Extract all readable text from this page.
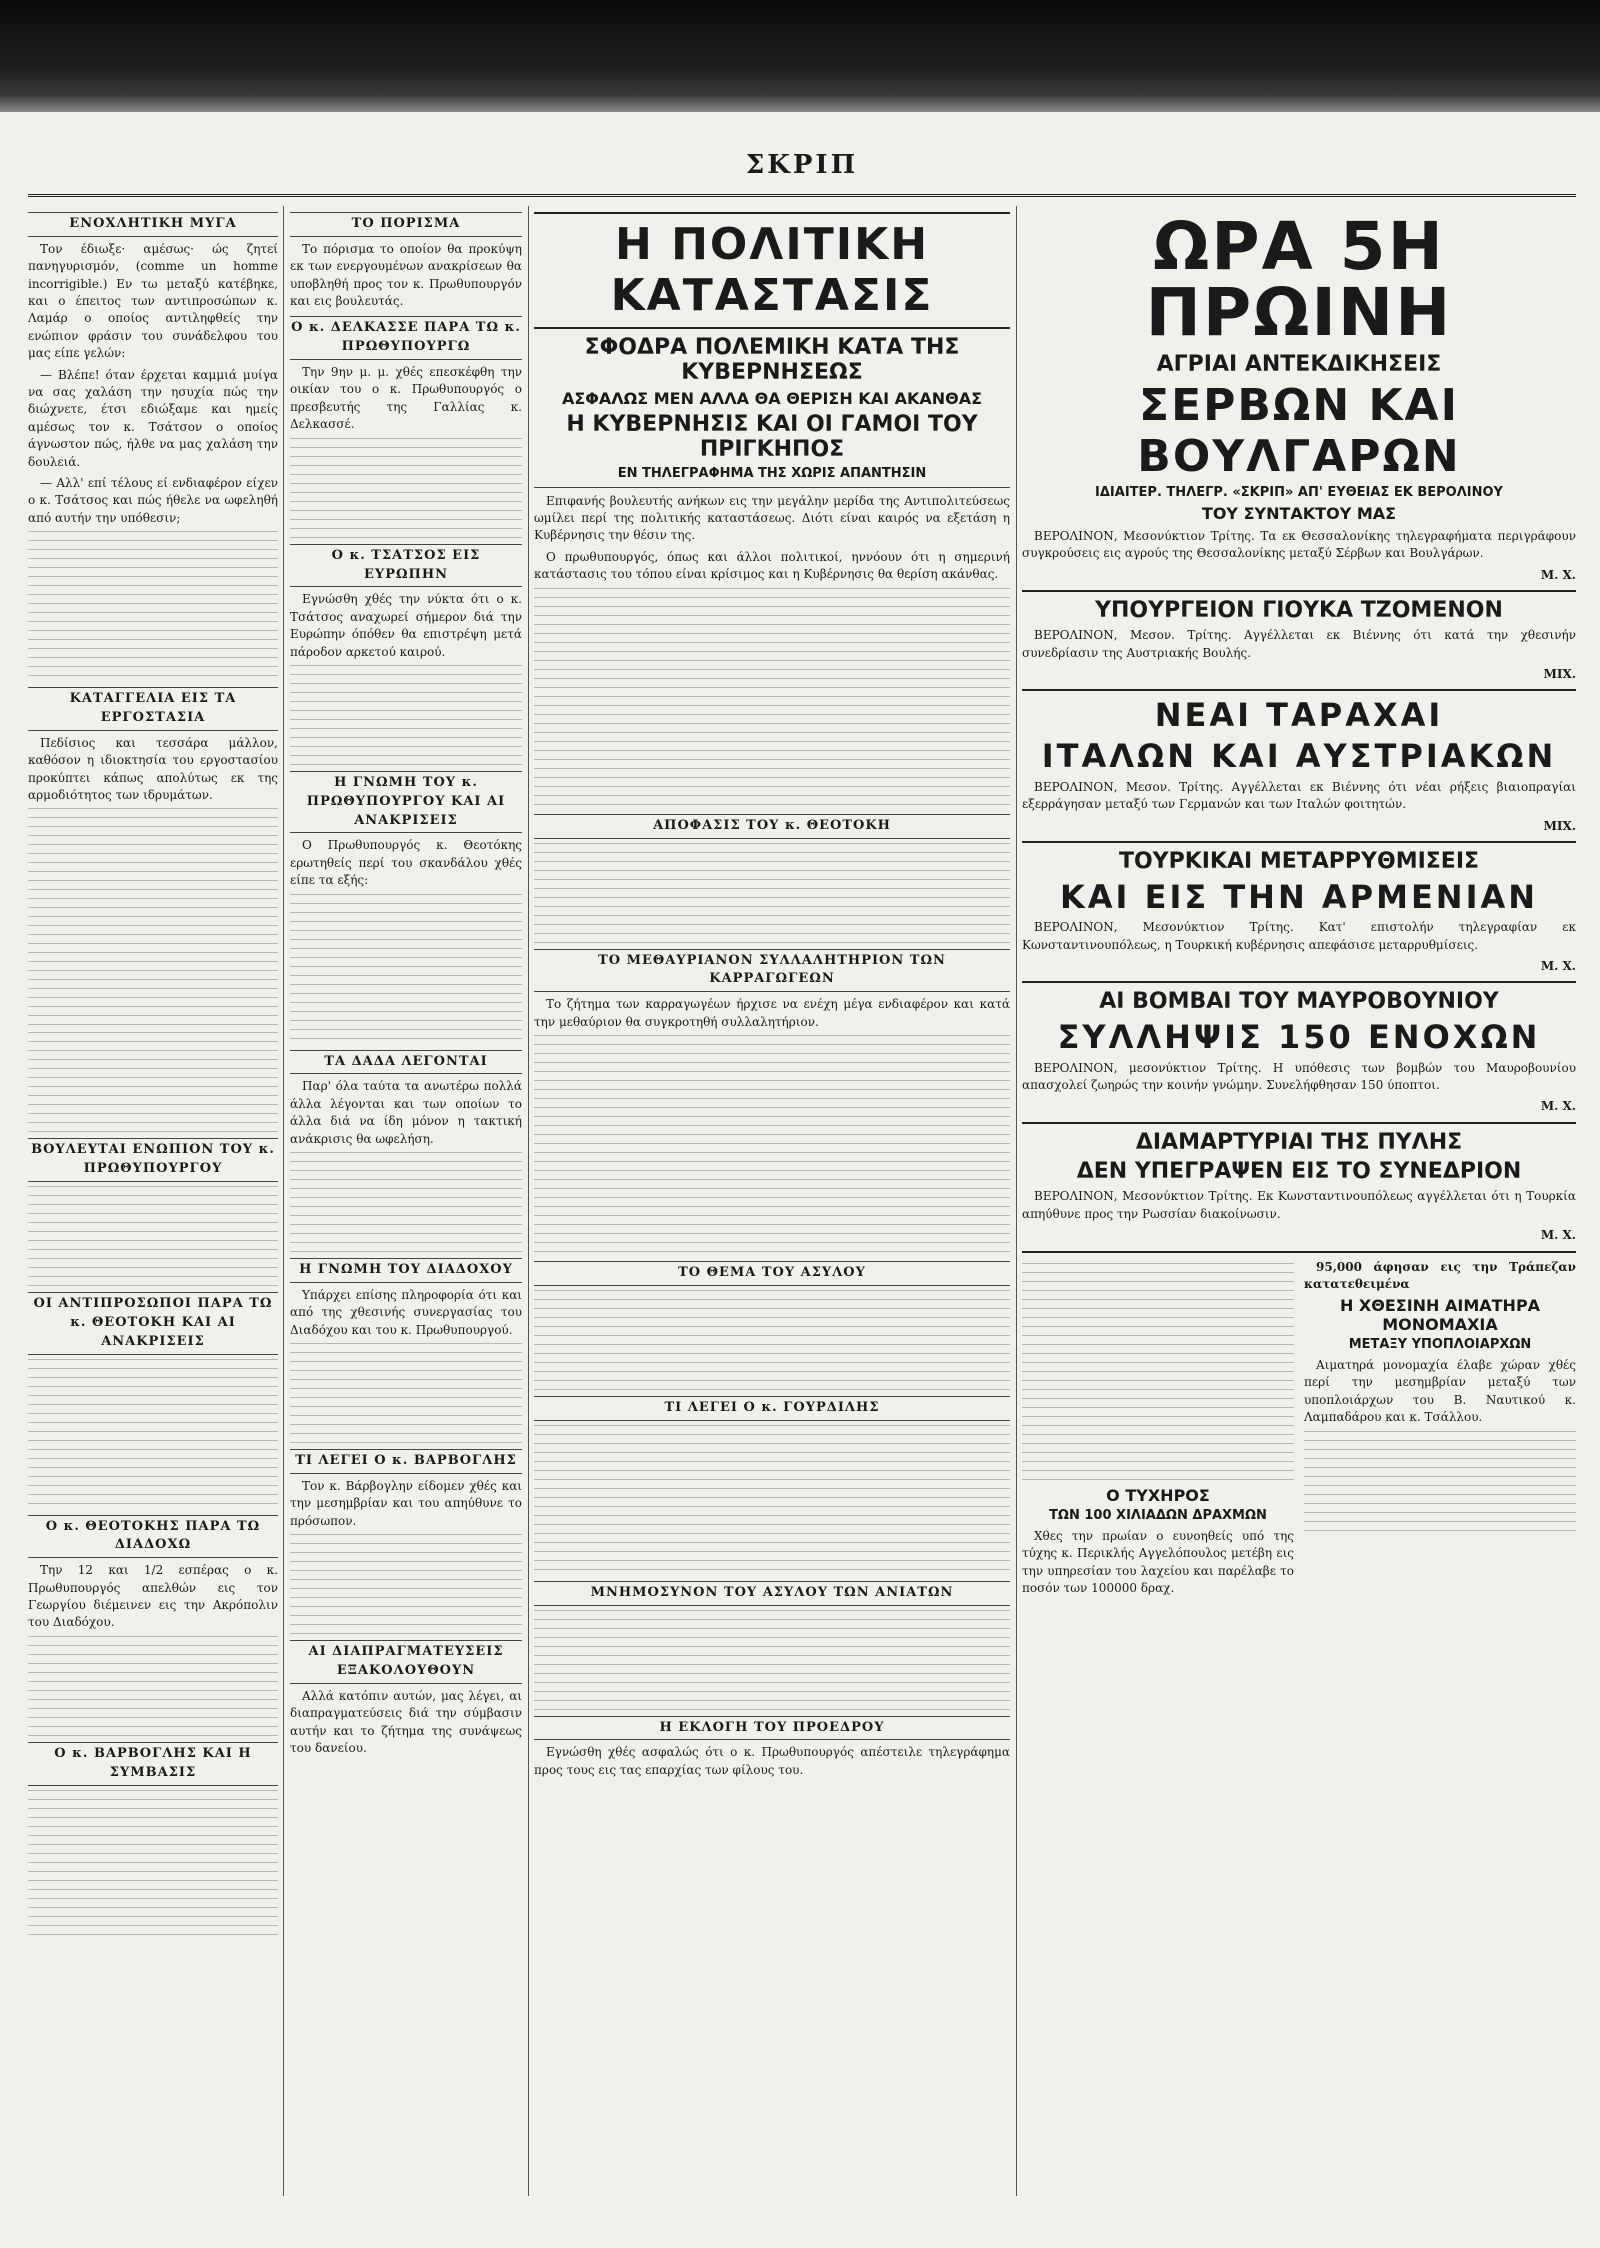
ΣΚΡΙΠ
ΕΝΟΧΛΗΤΙΚΗ ΜΥΓΑ

Τον έδιωξε· αμέσως· ώς ζητεί πανηγυρισμόν, (comme un homme incorrigible.) Εν τω μεταξύ κατέβηκε, και ο έπειτος των αντιπροσώπων κ. Λαμάρ ο οποίος αντιληφθείς την ενώπιον φράσιν του συνάδελφου του μας είπε γελών:

— Βλέπε! όταν έρχεται καμμιά μυίγα να σας χαλάση την ησυχία πώς την διώχνετε, έτσι εδιώξαμε και ημείς αμέσως τον κ. Τσάτσον ο οποίος άγνωστον πώς, ήλθε να μας χαλάση την δουλειά.

— Αλλ' επί τέλους εί ενδιαφέρον είχεν ο κ. Τσάτσος και πώς ήθελε να ωφεληθή από αυτήν την υπόθεσιν;

ΚΑΤΑΓΓΕΛΙΑ ΕΙΣ ΤΑ ΕΡΓΟΣΤΑΣΙΑ

Πεδίσιος και τεσσάρα μάλλον, καθόσον η ιδιοκτησία του εργοστασίου προκύπτει κάπως απολύτως εκ της αρμοδιότητος των ιδρυμάτων.

ΒΟΥΛΕΥΤΑΙ ΕΝΩΠΙΟΝ ΤΟΥ κ. ΠΡΩΘΥΠΟΥΡΓΟΥ
ΟΙ ΑΝΤΙΠΡΟΣΩΠΟΙ ΠΑΡΑ ΤΩ κ. ΘΕΟΤΟΚΗ ΚΑΙ ΑΙ ΑΝΑΚΡΙΣΕΙΣ
Ο κ. ΘΕΟΤΟΚΗΣ ΠΑΡΑ ΤΩ ΔΙΑΔΟΧΩ

Την 12 και 1/2 εσπέρας ο κ. Πρωθυπουργός απελθών εις τον Γεωργίου διέμεινεν εις την Ακρόπολιν του Διαδόχου.

Ο κ. ΒΑΡΒΟΓΛΗΣ ΚΑΙ Η ΣΥΜΒΑΣΙΣ
ΤΟ ΠΟΡΙΣΜΑ

Το πόρισμα το οποίον θα προκύψη εκ των ενεργουμένων ανακρίσεων θα υποβληθή προς τον κ. Πρωθυπουργόν και εις βουλευτάς.

Ο κ. ΔΕΛΚΑΣΣΕ ΠΑΡΑ ΤΩ κ. ΠΡΩΘΥΠΟΥΡΓΩ

Την 9ην μ. μ. χθές επεσκέφθη την οικίαν του ο κ. Πρωθυπουργός ο πρεσβευτής της Γαλλίας κ. Δελκασσέ.

Ο κ. ΤΣΑΤΣΟΣ ΕΙΣ ΕΥΡΩΠΗΝ

Εγνώσθη χθές την νύκτα ότι ο κ. Τσάτσος αναχωρεί σήμερον διά την Ευρώπην όπόθεν θα επιστρέψη μετά πάροδον αρκετού καιρού.

Η ΓΝΩΜΗ ΤΟΥ κ. ΠΡΩΘΥΠΟΥΡΓΟΥ ΚΑΙ ΑΙ ΑΝΑΚΡΙΣΕΙΣ

Ο Πρωθυπουργός κ. Θεοτόκης ερωτηθείς περί του σκανδάλου χθές είπε τα εξής:

ΤΑ ΔΑΔΑ ΛΕΓΟΝΤΑΙ

Παρ' όλα ταύτα τα ανωτέρω πολλά άλλα λέγονται και των οποίων το άλλα διά να ίδη μόνον η τακτική ανάκρισις θα ωφελήση.

Η ΓΝΩΜΗ ΤΟΥ ΔΙΑΔΟΧΟΥ

Υπάρχει επίσης πληροφορία ότι και από της χθεσινής συνεργασίας του Διαδόχου και του κ. Πρωθυπουργού.

ΤΙ ΛΕΓΕΙ Ο κ. ΒΑΡΒΟΓΛΗΣ

Τον κ. Βάρβογλην είδομεν χθές και την μεσημβρίαν και του απηύθυνε το πρόσωπον.

ΑΙ ΔΙΑΠΡΑΓΜΑΤΕΥΣΕΙΣ ΕΞΑΚΟΛΟΥΘΟΥΝ

Αλλά κατόπιν αυτών, μας λέγει, αι διαπραγματεύσεις διά την σύμβασιν αυτήν και το ζήτημα της συνάψεως του δανείου.

Η ΠΟΛΙΤΙΚΗ ΚΑΤΑΣΤΑΣΙΣ
ΣΦΟΔΡΑ ΠΟΛΕΜΙΚΗ ΚΑΤΑ ΤΗΣ ΚΥΒΕΡΝΗΣΕΩΣ
ΑΣΦΑΛΩΣ ΜΕΝ ΑΛΛΑ ΘΑ ΘΕΡΙΣΗ ΚΑΙ ΑΚΑΝΘΑΣ
Η ΚΥΒΕΡΝΗΣΙΣ ΚΑΙ ΟΙ ΓΑΜΟΙ ΤΟΥ ΠΡΙΓΚΗΠΟΣ
ΕΝ ΤΗΛΕΓΡΑΦΗΜΑ ΤΗΣ ΧΩΡΙΣ ΑΠΑΝΤΗΣΙΝ

Επιφανής βουλευτής ανήκων εις την μεγάλην μερίδα της Αντιπολιτεύσεως ωμίλει περί της πολιτικής καταστάσεως. Διότι είναι καιρός να εξετάση η Κυβέρνησις την θέσιν της.

Ο πρωθυπουργός, όπως και άλλοι πολιτικοί, ηννόουν ότι η σημερινή κατάστασις του τόπου είναι κρίσιμος και η Κυβέρνησις θα θερίση ακάνθας.

ΑΠΟΦΑΣΙΣ ΤΟΥ κ. ΘΕΟΤΟΚΗ
ΤΟ ΜΕΘΑΥΡΙΑΝΟΝ ΣΥΛΛΑΛΗΤΗΡΙΟΝ ΤΩΝ ΚΑΡΡΑΓΩΓΕΩΝ

Το ζήτημα των καρραγωγέων ήρχισε να ενέχη μέγα ενδιαφέρον και κατά την μεθαύριον θα συγκροτηθή συλλαλητήριον.

ΤΟ ΘΕΜΑ ΤΟΥ ΑΣΥΛΟΥ
ΤΙ ΛΕΓΕΙ Ο κ. ΓΟΥΡΔΙΛΗΣ
ΜΝΗΜΟΣΥΝΟΝ ΤΟΥ ΑΣΥΛΟΥ ΤΩΝ ΑΝΙΑΤΩΝ
Η ΕΚΛΟΓΗ ΤΟΥ ΠΡΟΕΔΡΟΥ

Εγνώσθη χθές ασφαλώς ότι ο κ. Πρωθυπουργός απέστειλε τηλεγράφημα προς τους εις τας επαρχίας των φίλους του.

ΩΡΑ 5Η ΠΡΩΙΝΗ
ΑΓΡΙΑΙ ΑΝΤΕΚΔΙΚΗΣΕΙΣ
ΣΕΡΒΩΝ ΚΑΙ ΒΟΥΛΓΑΡΩΝ
ΙΔΙΑΙΤΕΡ. ΤΗΛΕΓΡ. «ΣΚΡΙΠ» ΑΠ' ΕΥΘΕΙΑΣ ΕΚ ΒΕΡΟΛΙΝΟΥ
ΤΟΥ ΣΥΝΤΑΚΤΟΥ ΜΑΣ

ΒΕΡΟΛΙΝΟΝ, Μεσονύκτιον Τρίτης. Τα εκ Θεσσαλονίκης τηλεγραφήματα περιγράφουν συγκρούσεις εις αγρούς της Θεσσαλονίκης μεταξύ Σέρβων και Βουλγάρων.

Μ. Χ.
ΥΠΟΥΡΓΕΙΟΝ ΓΙΟΥΚΑ ΤΖΟΜΕΝΟΝ

ΒΕΡΟΛΙΝΟΝ, Μεσον. Τρίτης. Αγγέλλεται εκ Βιέννης ότι κατά την χθεσινήν συνεδρίασιν της Αυστριακής Βουλής.

ΜΙΧ.
ΝΕΑΙ ΤΑΡΑΧΑΙ
ΙΤΑΛΩΝ ΚΑΙ ΑΥΣΤΡΙΑΚΩΝ

ΒΕΡΟΛΙΝΟΝ, Μεσον. Τρίτης. Αγγέλλεται εκ Βιέννης ότι νέαι ρήξεις βιαιοπραγίαι εξερράγησαν μεταξύ των Γερμανών και των Ιταλών φοιτητών.

ΜΙΧ.
ΤΟΥΡΚΙΚΑΙ ΜΕΤΑΡΡΥΘΜΙΣΕΙΣ
ΚΑΙ ΕΙΣ ΤΗΝ ΑΡΜΕΝΙΑΝ

ΒΕΡΟΛΙΝΟΝ, Μεσονύκτιον Τρίτης. Κατ' επιστολήν τηλεγραφίαν εκ Κωνσταντινουπόλεως, η Τουρκική κυβέρνησις απεφάσισε μεταρρυθμίσεις.

Μ. Χ.
ΑΙ ΒΟΜΒΑΙ ΤΟΥ ΜΑΥΡΟΒΟΥΝΙΟΥ
ΣΥΛΛΗΨΙΣ 150 ΕΝΟΧΩΝ

ΒΕΡΟΛΙΝΟΝ, μεσονύκτιον Τρίτης. Η υπόθεσις των βομβών του Μαυροβουνίου απασχολεί ζωηρώς την κοινήν γνώμην. Συνελήφθησαν 150 ύποπτοι.

Μ. Χ.
ΔΙΑΜΑΡΤΥΡΙΑΙ ΤΗΣ ΠΥΛΗΣ
ΔΕΝ ΥΠΕΓΡΑΨΕΝ ΕΙΣ ΤΟ ΣΥΝΕΔΡΙΟΝ

ΒΕΡΟΛΙΝΟΝ, Μεσονύκτιον Τρίτης. Εκ Κωνσταντινουπόλεως αγγέλλεται ότι η Τουρκία απηύθυνε προς την Ρωσσίαν διακοίνωσιν.

Μ. Χ.
Ο ΤΥΧΗΡΟΣ
ΤΩΝ 100 ΧΙΛΙΑΔΩΝ ΔΡΑΧΜΩΝ

Χθες την πρωίαν ο ευνοηθείς υπό της τύχης κ. Περικλής Αγγελόπουλος μετέβη εις την υπηρεσίαν του λαχείου και παρέλαβε το ποσόν των 100000 δραχ.

95,000 άφησαν εις την Τράπεζαν κατατεθειμένα

Η ΧΘΕΣΙΝΗ ΑΙΜΑΤΗΡΑ ΜΟΝΟΜΑΧΙΑ
ΜΕΤΑΞΥ ΥΠΟΠΛΟΙΑΡΧΩΝ

Αιματηρά μονομαχία έλαβε χώραν χθές περί την μεσημβρίαν μεταξύ των υποπλοιάρχων του Β. Ναυτικού κ. Λαμπαδάρου και κ. Τσάλλου.
